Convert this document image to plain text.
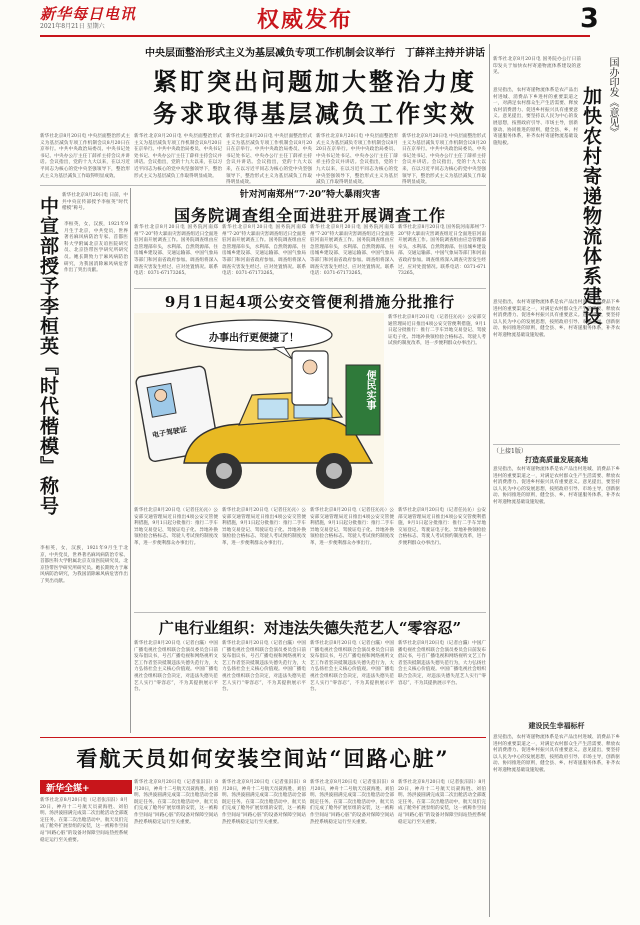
新华每日电讯
2021年8月21日 星期六	权威发布	3
中央层面整治形式主义为基层减负专项工作机制会议举行　丁薛祥主持并讲话
紧盯突出问题加大整治力度
务求取得基层减负工作实效
新华社北京8月20日电 国务院办公厅日前印发关于加快农村寄递物流体系建设的意见。	国办印发《意见》
加快农村寄递物流体系建设
意见指出，农村寄递物流体系是农产品出村进城、消费品下乡进村的重要渠道之一，对满足农村群众生产生活需要、释放农村消费潜力、促进乡村振兴具有重要意义。意见提出，要坚持以人民为中心的发展思想，按照政府引导、市场主导，创新驱动、协同推进的原则，健全县、乡、村寄递服务体系，补齐农村寄递物流基础设施短板。
意见指出，农村寄递物流体系是农产品出村进城、消费品下乡进村的重要渠道之一，对满足农村群众生产生活需要、释放农村消费潜力、促进乡村振兴具有重要意义。意见提出，要坚持以人民为中心的发展思想，按照政府引导、市场主导，创新驱动、协同推进的原则，健全县、乡、村寄递服务体系，补齐农村寄递物流基础设施短板。
（上接1版）
打造高质量发展高地
意见指出，农村寄递物流体系是农产品出村进城、消费品下乡进村的重要渠道之一，对满足农村群众生产生活需要、释放农村消费潜力、促进乡村振兴具有重要意义。意见提出，要坚持以人民为中心的发展思想，按照政府引导、市场主导，创新驱动、协同推进的原则，健全县、乡、村寄递服务体系，补齐农村寄递物流基础设施短板。
建设民生幸福标杆
意见指出，农村寄递物流体系是农产品出村进城、消费品下乡进村的重要渠道之一，对满足农村群众生产生活需要、释放农村消费潜力、促进乡村振兴具有重要意义。意见提出，要坚持以人民为中心的发展思想，按照政府引导、市场主导，创新驱动、协同推进的原则，健全县、乡、村寄递服务体系，补齐农村寄递物流基础设施短板。
新华社北京8月20日电 中央层面整治形式主义为基层减负专项工作机制会议8月20日在京举行。中共中央政治局委员、中央书记处书记、中央办公厅主任丁薛祥主持会议并讲话。会议指出，党的十九大以来，在以习近平同志为核心的党中央坚强领导下，整治形式主义为基层减负工作取得明显成效。
新华社北京8月20日电 中央层面整治形式主义为基层减负专项工作机制会议8月20日在京举行。中共中央政治局委员、中央书记处书记、中央办公厅主任丁薛祥主持会议并讲话。会议指出，党的十九大以来，在以习近平同志为核心的党中央坚强领导下，整治形式主义为基层减负工作取得明显成效。
新华社北京8月20日电 中央层面整治形式主义为基层减负专项工作机制会议8月20日在京举行。中共中央政治局委员、中央书记处书记、中央办公厅主任丁薛祥主持会议并讲话。会议指出，党的十九大以来，在以习近平同志为核心的党中央坚强领导下，整治形式主义为基层减负工作取得明显成效。
新华社北京8月20日电 中央层面整治形式主义为基层减负专项工作机制会议8月20日在京举行。中共中央政治局委员、中央书记处书记、中央办公厅主任丁薛祥主持会议并讲话。会议指出，党的十九大以来，在以习近平同志为核心的党中央坚强领导下，整治形式主义为基层减负工作取得明显成效。
新华社北京8月20日电 中央层面整治形式主义为基层减负专项工作机制会议8月20日在京举行。中共中央政治局委员、中央书记处书记、中央办公厅主任丁薛祥主持会议并讲话。会议指出，党的十九大以来，在以习近平同志为核心的党中央坚强领导下，整治形式主义为基层减负工作取得明显成效。
新华社北京8月20日电 日前，中共中央宣传部授予李桓英“时代楷模”称号。
中宣部授予李桓英『时代楷模』称号	李桓英，女，汉族，1921年9月生于北京，中共党员，世界著名麻风病防治专家、首都医科大学附属北京友谊医院研究员、北京热带医学研究所研究员。她长期致力于麻风病防治研究，为我国消除麻风病危害作出了突出贡献。
李桓英，女，汉族，1921年9月生于北京，中共党员，世界著名麻风病防治专家、首都医科大学附属北京友谊医院研究员、北京热带医学研究所研究员。她长期致力于麻风病防治研究，为我国消除麻风病危害作出了突出贡献。
针对河南郑州“7·20”特大暴雨灾害
国务院调查组全面进驻开展调查工作
新华社北京8月20日电 国务院河南郑州“7·20”特大暴雨灾害调查组近日全面进驻河南开展调查工作。国务院调查组由应急管理部牵头，水利部、自然资源部、住房城乡建设部、交通运输部、中国气象局等部门和河南省政府参加。调查组将深入调查灾害发生经过、应对处置情况。联系电话：0371-67173265。
新华社北京8月20日电 国务院河南郑州“7·20”特大暴雨灾害调查组近日全面进驻河南开展调查工作。国务院调查组由应急管理部牵头，水利部、自然资源部、住房城乡建设部、交通运输部、中国气象局等部门和河南省政府参加。调查组将深入调查灾害发生经过、应对处置情况。联系电话：0371-67173265。
新华社北京8月20日电 国务院河南郑州“7·20”特大暴雨灾害调查组近日全面进驻河南开展调查工作。国务院调查组由应急管理部牵头，水利部、自然资源部、住房城乡建设部、交通运输部、中国气象局等部门和河南省政府参加。调查组将深入调查灾害发生经过、应对处置情况。联系电话：0371-67173265。
新华社北京8月20日电 国务院河南郑州“7·20”特大暴雨灾害调查组近日全面进驻河南开展调查工作。国务院调查组由应急管理部牵头，水利部、自然资源部、住房城乡建设部、交通运输部、中国气象局等部门和河南省政府参加。调查组将深入调查灾害发生经过、应对处置情况。联系电话：0371-67173265。
9月1日起4项公安交管便利措施分批推行
办事出行更便捷了！
电子驾驶证
便民实事
新华社北京8月20日电（记者任沁沁）公安部交通管理局近日推出4项公安交管便利措施，9月1日起分批推行：推行二手车异地交易登记、驾驶证电子化、异地补换领检验合格标志、驾驶人考试预约制度改革，进一步便利群众办事出行。
新华社北京8月20日电（记者任沁沁）公安部交通管理局近日推出4项公安交管便利措施，9月1日起分批推行：推行二手车异地交易登记、驾驶证电子化、异地补换领检验合格标志、驾驶人考试预约制度改革，进一步便利群众办事出行。
新华社北京8月20日电（记者任沁沁）公安部交通管理局近日推出4项公安交管便利措施，9月1日起分批推行：推行二手车异地交易登记、驾驶证电子化、异地补换领检验合格标志、驾驶人考试预约制度改革，进一步便利群众办事出行。
新华社北京8月20日电（记者任沁沁）公安部交通管理局近日推出4项公安交管便利措施，9月1日起分批推行：推行二手车异地交易登记、驾驶证电子化、异地补换领检验合格标志、驾驶人考试预约制度改革，进一步便利群众办事出行。
新华社北京8月20日电（记者任沁沁）公安部交通管理局近日推出4项公安交管便利措施，9月1日起分批推行：推行二手车异地交易登记、驾驶证电子化、异地补换领检验合格标志、驾驶人考试预约制度改革，进一步便利群众办事出行。
广电行业组织：对违法失德失范艺人“零容忍”
新华社北京8月20日电（记者白瀛）中国广播电视社会组织联合会演员委员会日前发布倡议书，号召广播电视和网络视听文艺工作者坚决抵制违法失德失范行为，大力弘扬社会主义核心价值观。中国广播电视社会组织联合会决定，对违法失德失范艺人实行“零容忍”，不为其提供展示平台。
新华社北京8月20日电（记者白瀛）中国广播电视社会组织联合会演员委员会日前发布倡议书，号召广播电视和网络视听文艺工作者坚决抵制违法失德失范行为，大力弘扬社会主义核心价值观。中国广播电视社会组织联合会决定，对违法失德失范艺人实行“零容忍”，不为其提供展示平台。
新华社北京8月20日电（记者白瀛）中国广播电视社会组织联合会演员委员会日前发布倡议书，号召广播电视和网络视听文艺工作者坚决抵制违法失德失范行为，大力弘扬社会主义核心价值观。中国广播电视社会组织联合会决定，对违法失德失范艺人实行“零容忍”，不为其提供展示平台。
新华社北京8月20日电（记者白瀛）中国广播电视社会组织联合会演员委员会日前发布倡议书，号召广播电视和网络视听文艺工作者坚决抵制违法失德失范行为，大力弘扬社会主义核心价值观。中国广播电视社会组织联合会决定，对违法失德失范艺人实行“零容忍”，不为其提供展示平台。
看航天员如何安装空间站“回路心脏”
新华全媒+
新华社北京8月20日电（记者张汨汨）8月20日，神舟十二号航天员聂海胜、刘伯明、汤洪波圆满完成第二次出舱活动全部既定任务。在第二次出舱活动中，航天员们完成了舱外扩展泵组的安装，这一被称作空间站“回路心脏”的设备对保障空间站热控系统稳定运行至关重要。
新华社北京8月20日电（记者张汨汨）8月20日，神舟十二号航天员聂海胜、刘伯明、汤洪波圆满完成第二次出舱活动全部既定任务。在第二次出舱活动中，航天员们完成了舱外扩展泵组的安装，这一被称作空间站“回路心脏”的设备对保障空间站热控系统稳定运行至关重要。
新华社北京8月20日电（记者张汨汨）8月20日，神舟十二号航天员聂海胜、刘伯明、汤洪波圆满完成第二次出舱活动全部既定任务。在第二次出舱活动中，航天员们完成了舱外扩展泵组的安装，这一被称作空间站“回路心脏”的设备对保障空间站热控系统稳定运行至关重要。
新华社北京8月20日电（记者张汨汨）8月20日，神舟十二号航天员聂海胜、刘伯明、汤洪波圆满完成第二次出舱活动全部既定任务。在第二次出舱活动中，航天员们完成了舱外扩展泵组的安装，这一被称作空间站“回路心脏”的设备对保障空间站热控系统稳定运行至关重要。
新华社北京8月20日电（记者张汨汨）8月20日，神舟十二号航天员聂海胜、刘伯明、汤洪波圆满完成第二次出舱活动全部既定任务。在第二次出舱活动中，航天员们完成了舱外扩展泵组的安装，这一被称作空间站“回路心脏”的设备对保障空间站热控系统稳定运行至关重要。
